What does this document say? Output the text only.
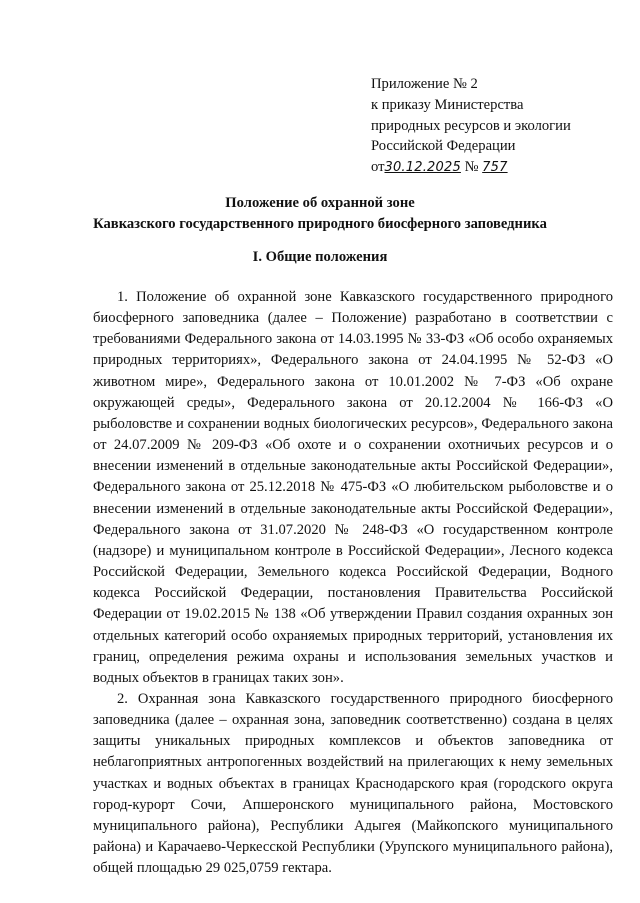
Приложение № 2
к приказу Министерства
природных ресурсов и экологии
Российской Федерации
от30.12.2025 № 757
Положение об охранной зоне
Кавказского государственного природного биосферного заповедника
I. Общие положения

1. Положение об охранной зоне Кавказского государственного природного биосферного заповедника (далее – Положение) разработано в соответствии с требованиями Федерального закона от 14.03.1995 № 33-ФЗ «Об особо охраняемых природных территориях», Федерального закона от 24.04.1995 № 52-ФЗ «О животном мире», Федерального закона от 10.01.2002 № 7-ФЗ «Об охране окружающей среды», Федерального закона от 20.12.2004 № 166-ФЗ «О рыболовстве и сохранении водных биологических ресурсов», Федерального закона от 24.07.2009 № 209-ФЗ «Об охоте и о сохранении охотничьих ресурсов и о внесении изменений в отдельные законодательные акты Российской Федерации», Федерального закона от 25.12.2018 № 475-ФЗ «О любительском рыболовстве и о внесении изменений в отдельные законодательные акты Российской Федерации», Федерального закона от 31.07.2020 № 248-ФЗ «О государственном контроле (надзоре) и муниципальном контроле в Российской Федерации», Лесного кодекса Российской Федерации, Земельного кодекса Российской Федерации, Водного кодекса Российской Федерации, постановления Правительства Российской Федерации от 19.02.2015 № 138 «Об утверждении Правил создания охранных зон отдельных категорий особо охраняемых природных территорий, установления их границ, определения режима охраны и использования земельных участков и водных объектов в границах таких зон».

2. Охранная зона Кавказского государственного природного биосферного заповедника (далее – охранная зона, заповедник соответственно) создана в целях защиты уникальных природных комплексов и объектов заповедника от неблагоприятных антропогенных воздействий на прилегающих к нему земельных участках и водных объектах в границах Краснодарского края (городского округа город-курорт Сочи, Апшеронского муниципального района, Мостовского муниципального района), Республики Адыгея (Майкопского муниципального района) и Карачаево-Черкесской Республики (Урупского муниципального района), общей площадью 29 025,0759 гектара.
